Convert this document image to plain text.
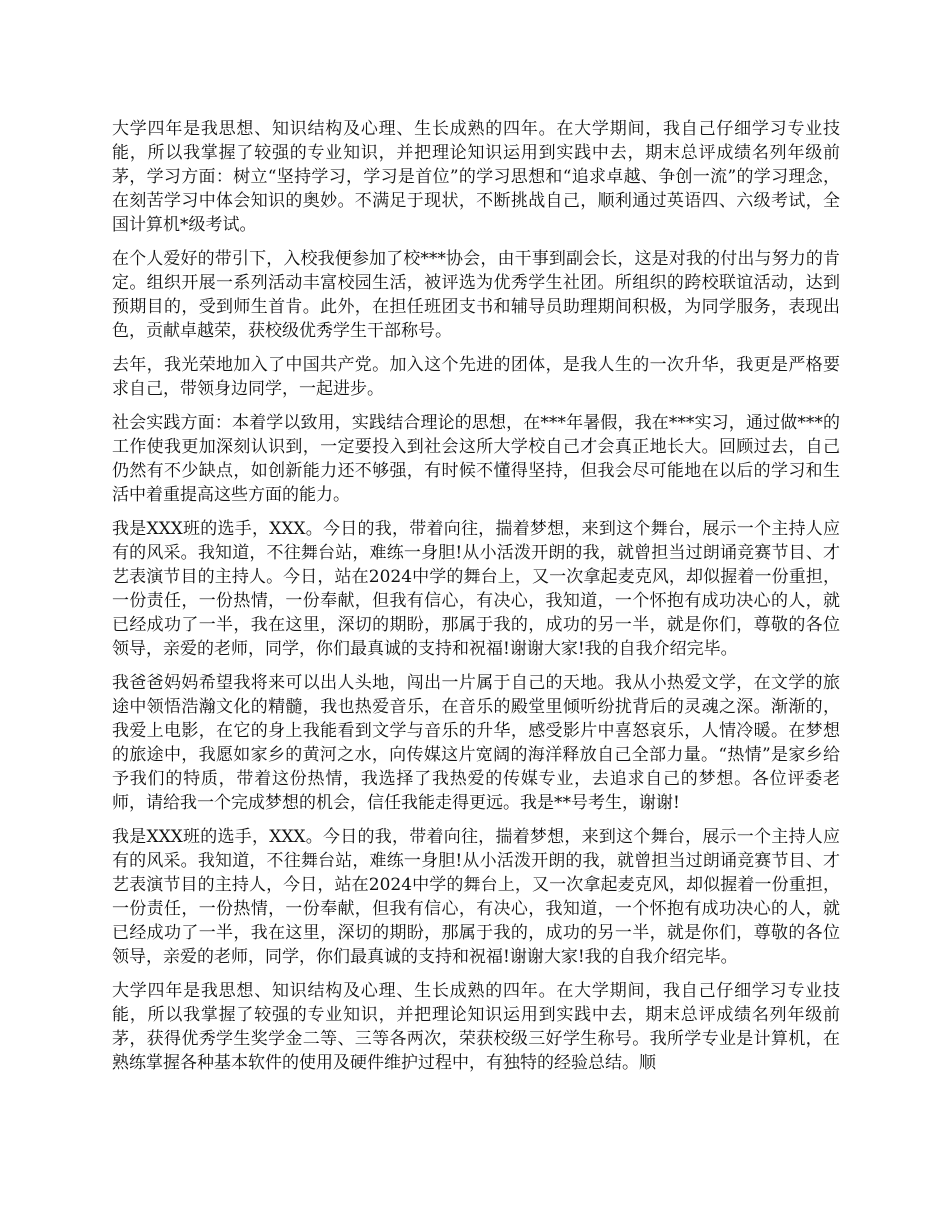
大学四年是我思想、知识结构及心理、生长成熟的四年。在大学期间，我自己仔细学习专业技能，所以我掌握了较强的专业知识，并把理论知识运用到实践中去，期末总评成绩名列年级前茅，学习方面：树立“坚持学习，学习是首位”的学习思想和“追求卓越、争创一流”的学习理念，在刻苦学习中体会知识的奥妙。不满足于现状，不断挑战自己，顺利通过英语四、六级考试，全国计算机*级考试。

在个人爱好的带引下，入校我便参加了校***协会，由干事到副会长，这是对我的付出与努力的肯定。组织开展一系列活动丰富校园生活，被评选为优秀学生社团。所组织的跨校联谊活动，达到预期目的，受到师生首肯。此外，在担任班团支书和辅导员助理期间积极，为同学服务，表现出色，贡献卓越荣，获校级优秀学生干部称号。

去年，我光荣地加入了中国共产党。加入这个先进的团体，是我人生的一次升华，我更是严格要求自己，带领身边同学，一起进步。

社会实践方面：本着学以致用，实践结合理论的思想，在***年暑假，我在***实习，通过做***的工作使我更加深刻认识到，一定要投入到社会这所大学校自己才会真正地长大。回顾过去，自己仍然有不少缺点，如创新能力还不够强，有时候不懂得坚持，但我会尽可能地在以后的学习和生活中着重提高这些方面的能力。

我是XXX班的选手，XXX。今日的我，带着向往，揣着梦想，来到这个舞台，展示一个主持人应有的风采。我知道，不往舞台站，难练一身胆!从小活泼开朗的我，就曾担当过朗诵竞赛节目、才艺表演节目的主持人。今日，站在2024中学的舞台上，又一次拿起麦克风，却似握着一份重担，一份责任，一份热情，一份奉献，但我有信心，有决心，我知道，一个怀抱有成功决心的人，就已经成功了一半，我在这里，深切的期盼，那属于我的，成功的另一半，就是你们，尊敬的各位领导，亲爱的老师，同学，你们最真诚的支持和祝福!谢谢大家!我的自我介绍完毕。

我爸爸妈妈希望我将来可以出人头地，闯出一片属于自己的天地。我从小热爱文学，在文学的旅途中领悟浩瀚文化的精髓，我也热爱音乐，在音乐的殿堂里倾听纷扰背后的灵魂之深。渐渐的，我爱上电影，在它的身上我能看到文学与音乐的升华，感受影片中喜怒哀乐，人情冷暖。在梦想的旅途中，我愿如家乡的黄河之水，向传媒这片宽阔的海洋释放自己全部力量。“热情”是家乡给予我们的特质，带着这份热情，我选择了我热爱的传媒专业，去追求自己的梦想。各位评委老师，请给我一个完成梦想的机会，信任我能走得更远。我是**号考生，谢谢!

我是XXX班的选手，XXX。今日的我，带着向往，揣着梦想，来到这个舞台，展示一个主持人应有的风采。我知道，不往舞台站，难练一身胆!从小活泼开朗的我，就曾担当过朗诵竞赛节目、才艺表演节目的主持人，今日，站在2024中学的舞台上，又一次拿起麦克风，却似握着一份重担，一份责任，一份热情，一份奉献，但我有信心，有决心，我知道，一个怀抱有成功决心的人，就已经成功了一半，我在这里，深切的期盼，那属于我的，成功的另一半，就是你们，尊敬的各位领导，亲爱的老师，同学，你们最真诚的支持和祝福!谢谢大家!我的自我介绍完毕。

大学四年是我思想、知识结构及心理、生长成熟的四年。在大学期间，我自己仔细学习专业技能，所以我掌握了较强的专业知识，并把理论知识运用到实践中去，期末总评成绩名列年级前茅，获得优秀学生奖学金二等、三等各两次，荣获校级三好学生称号。我所学专业是计算机，在熟练掌握各种基本软件的使用及硬件维护过程中，有独特的经验总结。顺
